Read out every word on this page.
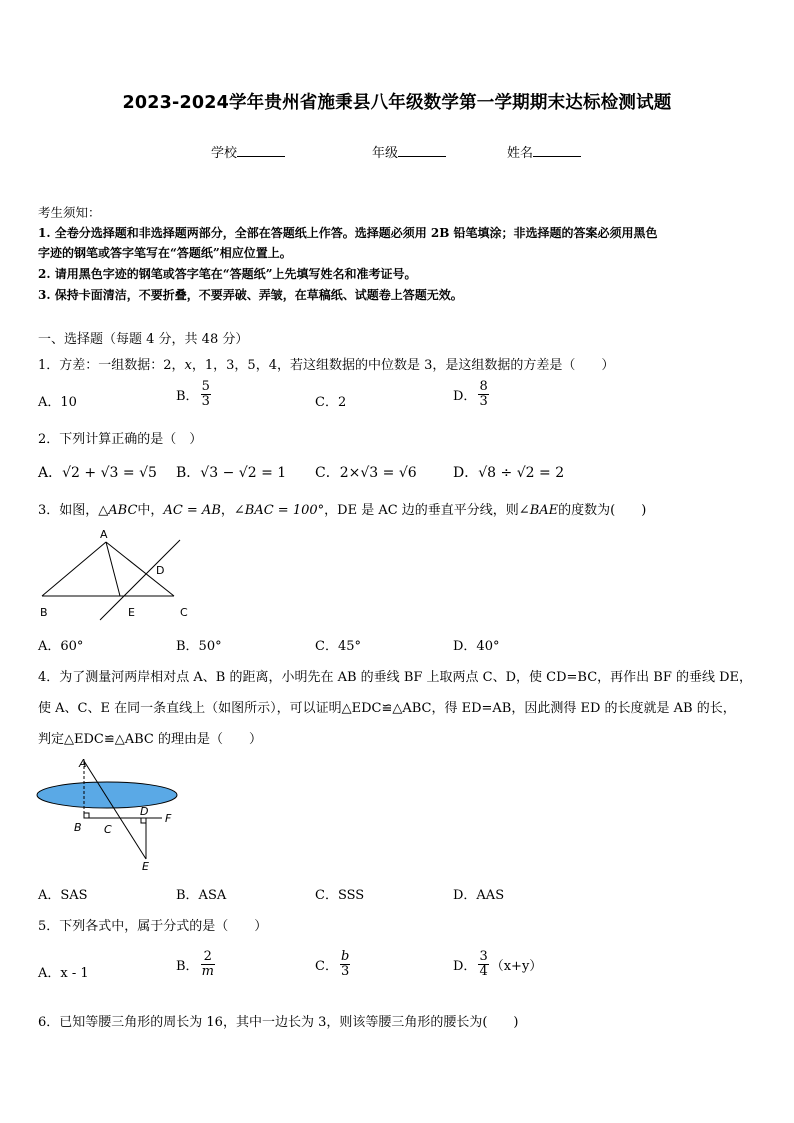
2023-2024学年贵州省施秉县八年级数学第一学期期末达标检测试题
学校	年级	姓名
考生须知：
1. 全卷分选择题和非选择题两部分，全部在答题纸上作答。选择题必须用 2B 铅笔填涂；非选择题的答案必须用黑色
字迹的钢笔或答字笔写在“答题纸”相应位置上。
2. 请用黑色字迹的钢笔或答字笔在“答题纸”上先填写姓名和准考证号。
3. 保持卡面清洁，不要折叠，不要弄破、弄皱，在草稿纸、试题卷上答题无效。
一、选择题（每题 4 分，共 48 分）
1．方差：一组数据：2，x，1，3，5，4，若这组数据的中位数是 3，是这组数据的方差是（　　）
A．10	B． $\frac{5}{3}$	C．2	D． $\frac{8}{3}$
2．下列计算正确的是（　）
A．√2 + √3 = √5 B．√3 − √2 = 1 C．2×√3 = √6	D．√8 ÷ √2 = 2
3．如图，△ABC中，AC = AB，∠BAC = 100°，DE 是 AC 边的垂直平分线，则∠BAE的度数为(　　)
A
B	E	C
D
A．60°	B．50°	C．45°	D．40°
4．为了测量河两岸相对点 A、B 的距离，小明先在 AB 的垂线 BF 上取两点 C、D，使 CD=BC，再作出 BF 的垂线 DE，
使 A、C、E 在同一条直线上（如图所示），可以证明△EDC≌△ABC，得 ED=AB，因此测得 ED 的长度就是 AB 的长，
判定△EDC≌△ABC 的理由是（　　）
A
B C
D
F
E
A．SAS	B．ASA	C．SSS	D．AAS
5．下列各式中，属于分式的是（　　）
A．x - 1	B． $\frac{2}{m}$	C． $\frac{b}{3}$	D． $\frac{3}{4} (x+y)$
6．已知等腰三角形的周长为 16，其中一边长为 3，则该等腰三角形的腰长为(　　)
